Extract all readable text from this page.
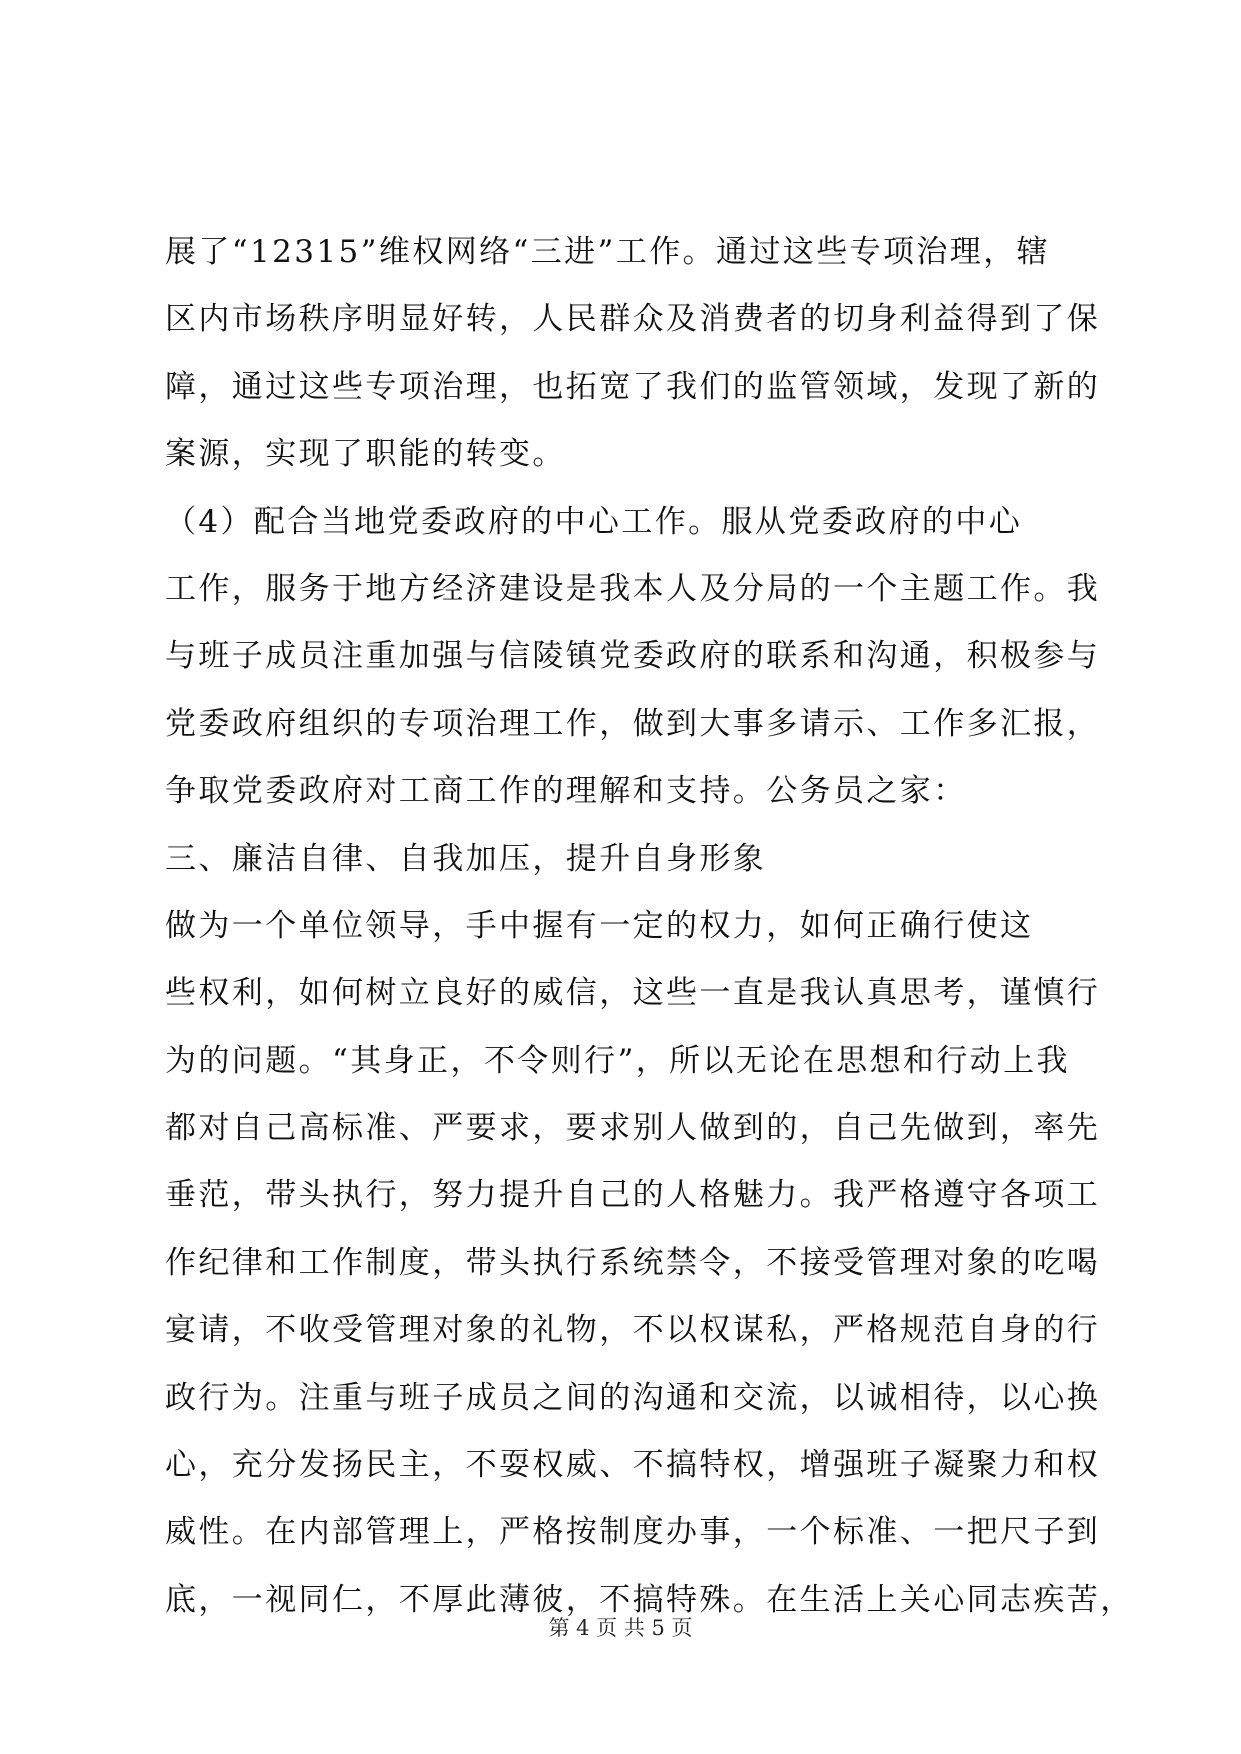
展了“12315”维权网络“三进”工作。通过这些专项治理，辖
区内市场秩序明显好转，人民群众及消费者的切身利益得到了保
障，通过这些专项治理，也拓宽了我们的监管领域，发现了新的
案源，实现了职能的转变。
（4）配合当地党委政府的中心工作。服从党委政府的中心
工作，服务于地方经济建设是我本人及分局的一个主题工作。我
与班子成员注重加强与信陵镇党委政府的联系和沟通，积极参与
党委政府组织的专项治理工作，做到大事多请示、工作多汇报，
争取党委政府对工商工作的理解和支持。公务员之家：
三、廉洁自律、自我加压，提升自身形象
做为一个单位领导，手中握有一定的权力，如何正确行使这
些权利，如何树立良好的威信，这些一直是我认真思考，谨慎行
为的问题。“其身正，不令则行”，所以无论在思想和行动上我
都对自己高标准、严要求，要求别人做到的，自己先做到，率先
垂范，带头执行，努力提升自己的人格魅力。我严格遵守各项工
作纪律和工作制度，带头执行系统禁令，不接受管理对象的吃喝
宴请，不收受管理对象的礼物，不以权谋私，严格规范自身的行
政行为。注重与班子成员之间的沟通和交流，以诚相待，以心换
心，充分发扬民主，不耍权威、不搞特权，增强班子凝聚力和权
威性。在内部管理上，严格按制度办事，一个标准、一把尺子到
底，一视同仁，不厚此薄彼，不搞特殊。在生活上关心同志疾苦，
第 4 页 共 5 页
